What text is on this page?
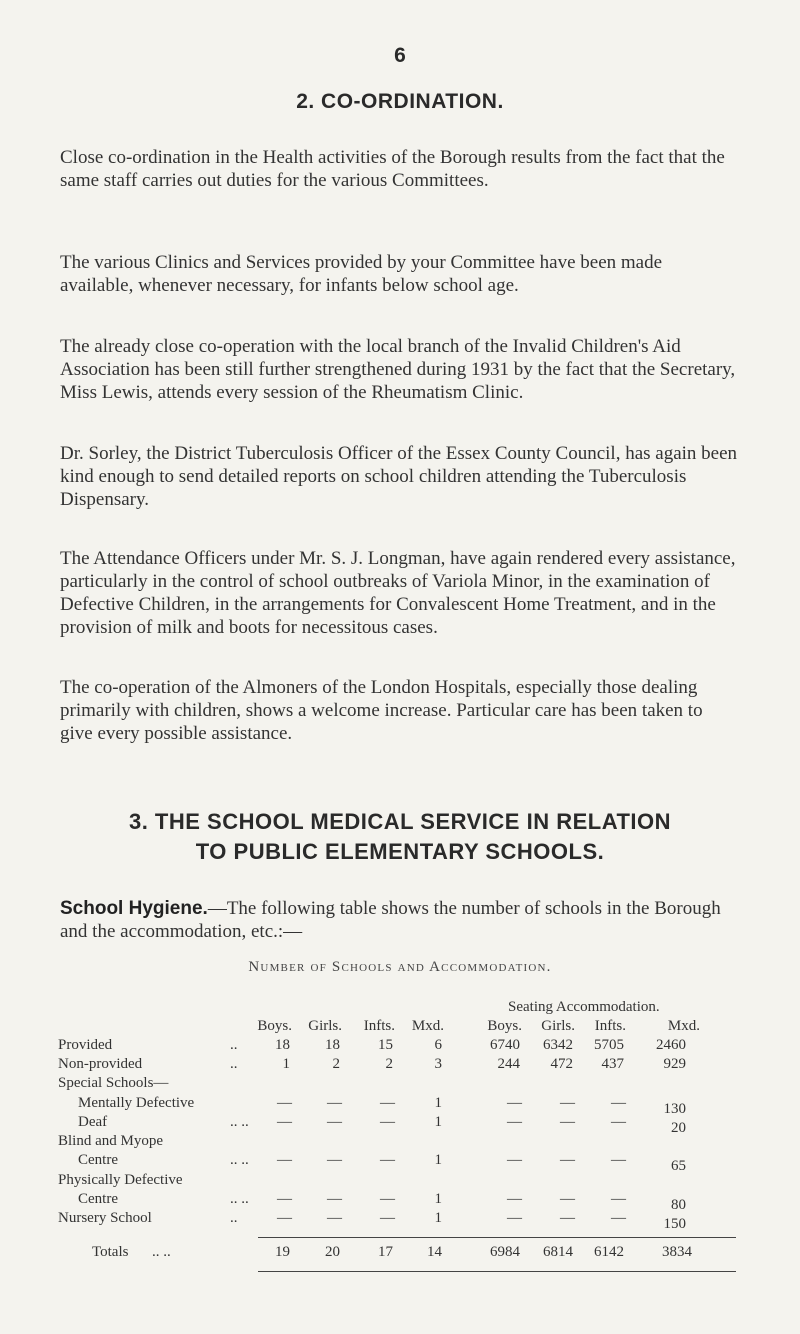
6
2. CO-ORDINATION.
Close co-ordination in the Health activities of the Borough results from the fact that the same staff carries out duties for the various Committees.
The various Clinics and Services provided by your Committee have been made available, whenever necessary, for infants below school age.
The already close co-operation with the local branch of the Invalid Children's Aid Association has been still further strengthened during 1931 by the fact that the Secretary, Miss Lewis, attends every session of the Rheumatism Clinic.
Dr. Sorley, the District Tuberculosis Officer of the Essex County Council, has again been kind enough to send detailed reports on school children attending the Tuberculosis Dispensary.
The Attendance Officers under Mr. S. J. Longman, have again rendered every assistance, particularly in the control of school outbreaks of Variola Minor, in the examination of Defective Children, in the arrangements for Convalescent Home Treatment, and in the provision of milk and boots for necessitous cases.
The co-operation of the Almoners of the London Hospitals, especially those dealing primarily with children, shows a welcome increase. Particular care has been taken to give every possible assistance.
3. THE SCHOOL MEDICAL SERVICE IN RELATION
TO PUBLIC ELEMENTARY SCHOOLS.
School Hygiene.—The following table shows the number of schools in the Borough and the accommodation, etc.:—
Number of Schools and Accommodation.
Seating Accommodation.
Boys.	Girls.	Infts.	Mxd.	Boys.	Girls.	Infts.	Mxd.
Provided	..	18	18	15	6	6740	6342	5705	2460
Non-provided	..	1	2	2	3	244	472	437	929
Special Schools—
Mentally Defective	—	—	—	1	—	—	—	130
Deaf	.. ..	—	—	—	1	—	—	—	20
Blind and Myope
Centre	.. ..	—	—	—	1	—	—	—	65
Physically Defective
Centre	.. ..	—	—	—	1	—	—	—	80
Nursery School	..	—	—	—	1	—	—	—	150
Totals .. ..	19	20	17	14	6984	6814	6142	3834
